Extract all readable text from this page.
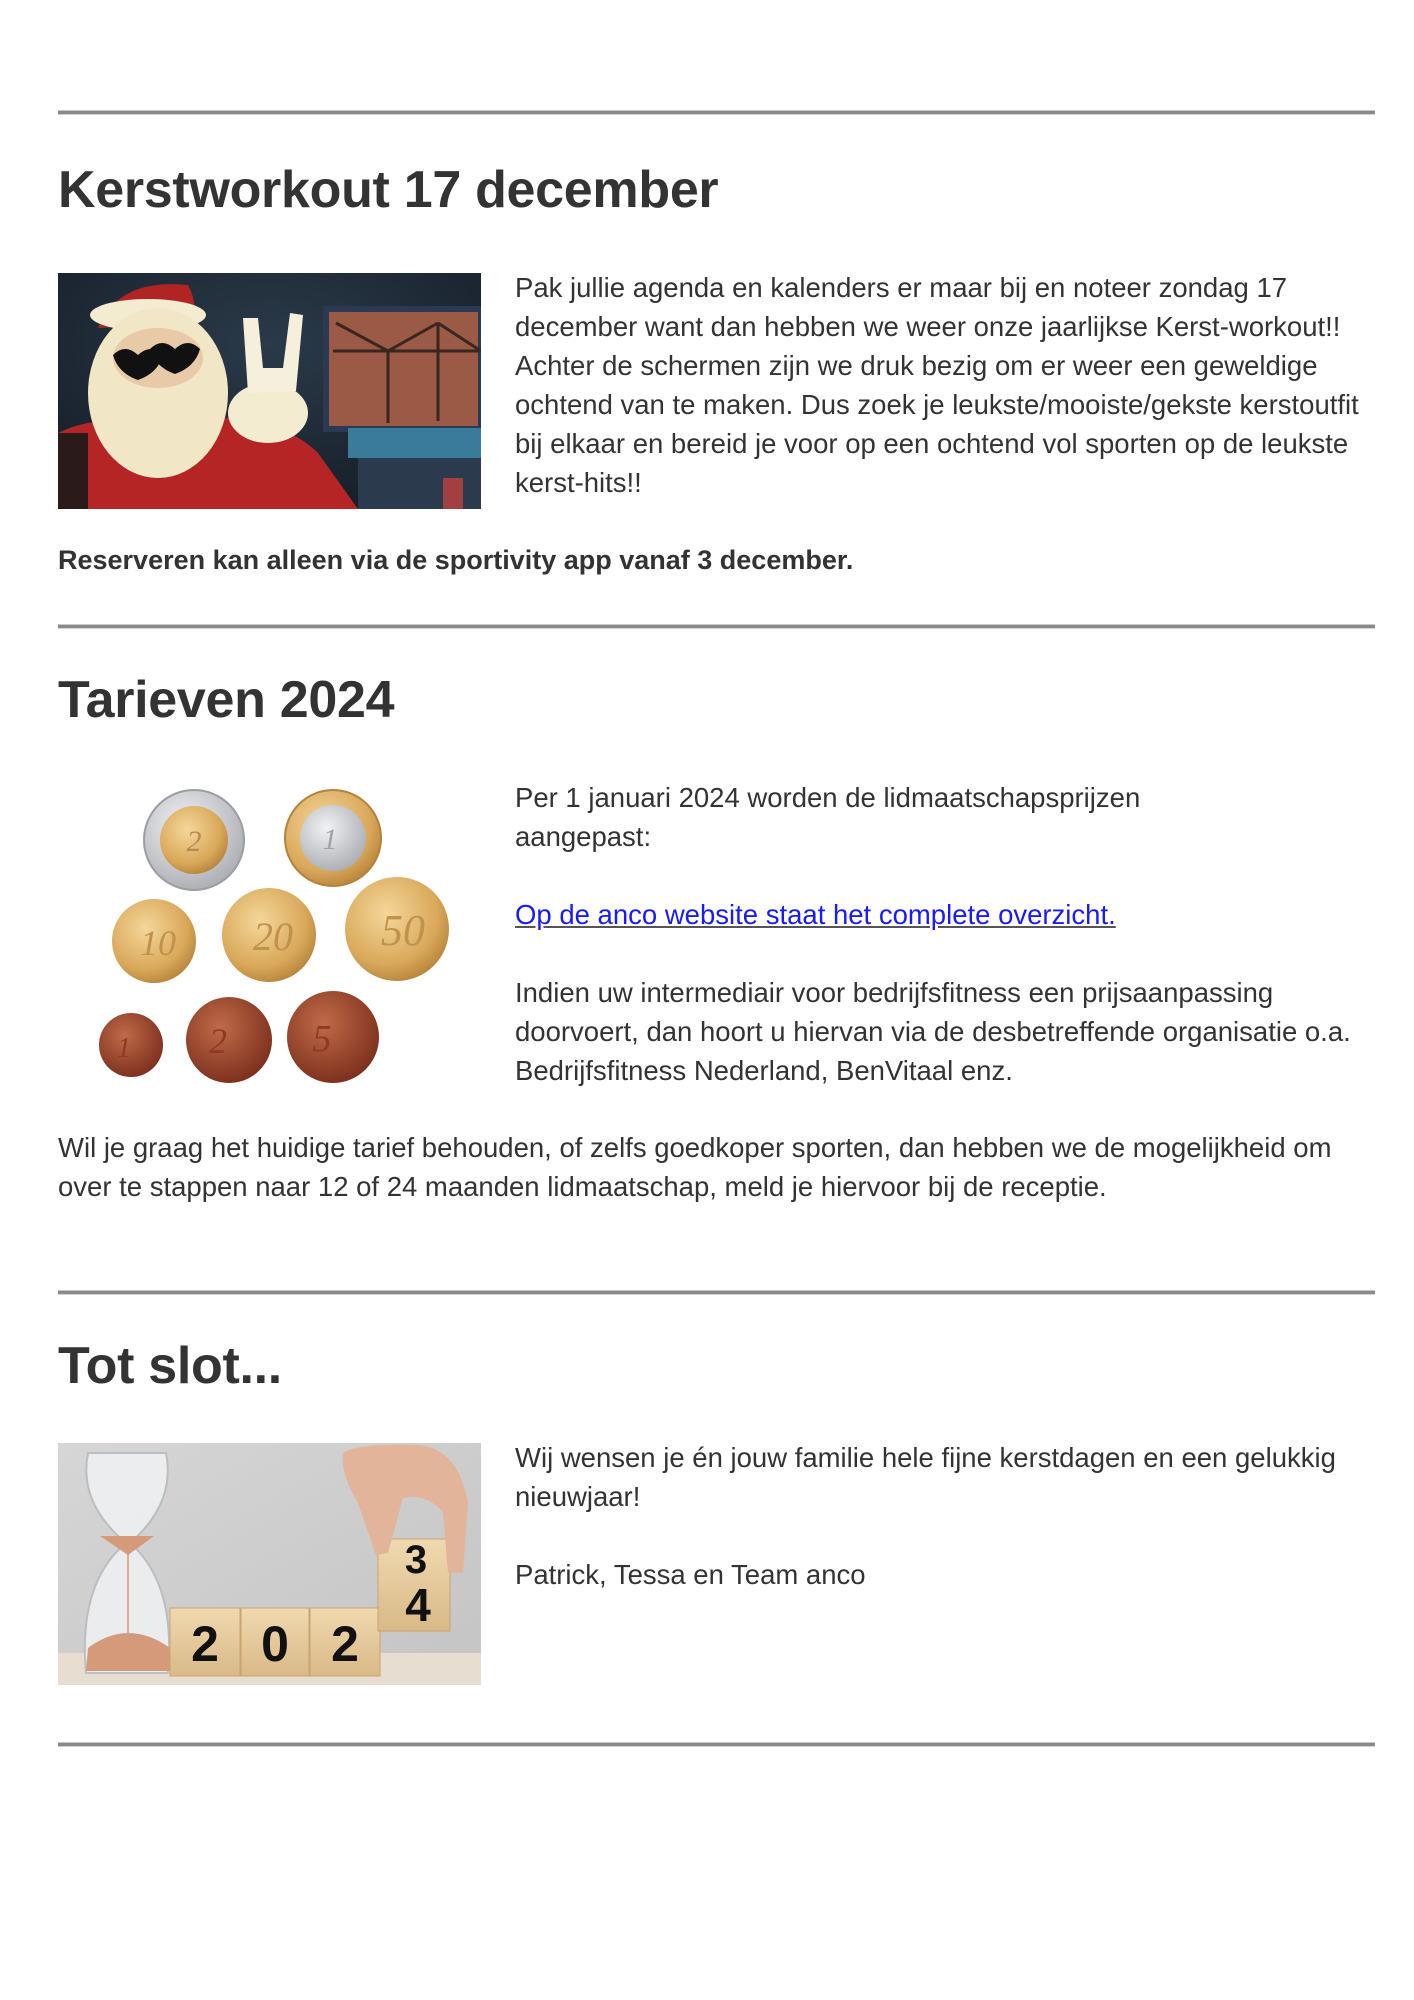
Kerstworkout 17 december

Pak jullie agenda en kalenders er maar bij en noteer zondag 17 december want dan hebben we weer onze jaarlijkse Kerst-workout!! Achter de schermen zijn we druk bezig om er weer een geweldige ochtend van te maken. Dus zoek je leukste/mooiste/gekste kerstoutfit bij elkaar en bereid je voor op een ochtend vol sporten op de leukste kerst-hits!!

Reserveren kan alleen via de sportivity app vanaf 3 december.

Tarieven 2024
2	1
10 20 50
1 2 5

Per 1 januari 2024 worden de lidmaatschapsprijzen aangepast:

Op de anco website staat het complete overzicht.

Indien uw intermediair voor bedrijfsfitness een prijsaanpassing doorvoert, dan hoort u hiervan via de desbetreffende organisatie o.a. Bedrijfsfitness Nederland, BenVitaal enz.

Wil je graag het huidige tarief behouden, of zelfs goedkoper sporten, dan hebben we de mogelijkheid om over te stappen naar 12 of 24 maanden lidmaatschap, meld je hiervoor bij de receptie.

Tot slot...
2 0 2
3
4

Wij wensen je én jouw familie hele fijne kerstdagen en een gelukkig nieuwjaar!

Patrick, Tessa en Team anco
